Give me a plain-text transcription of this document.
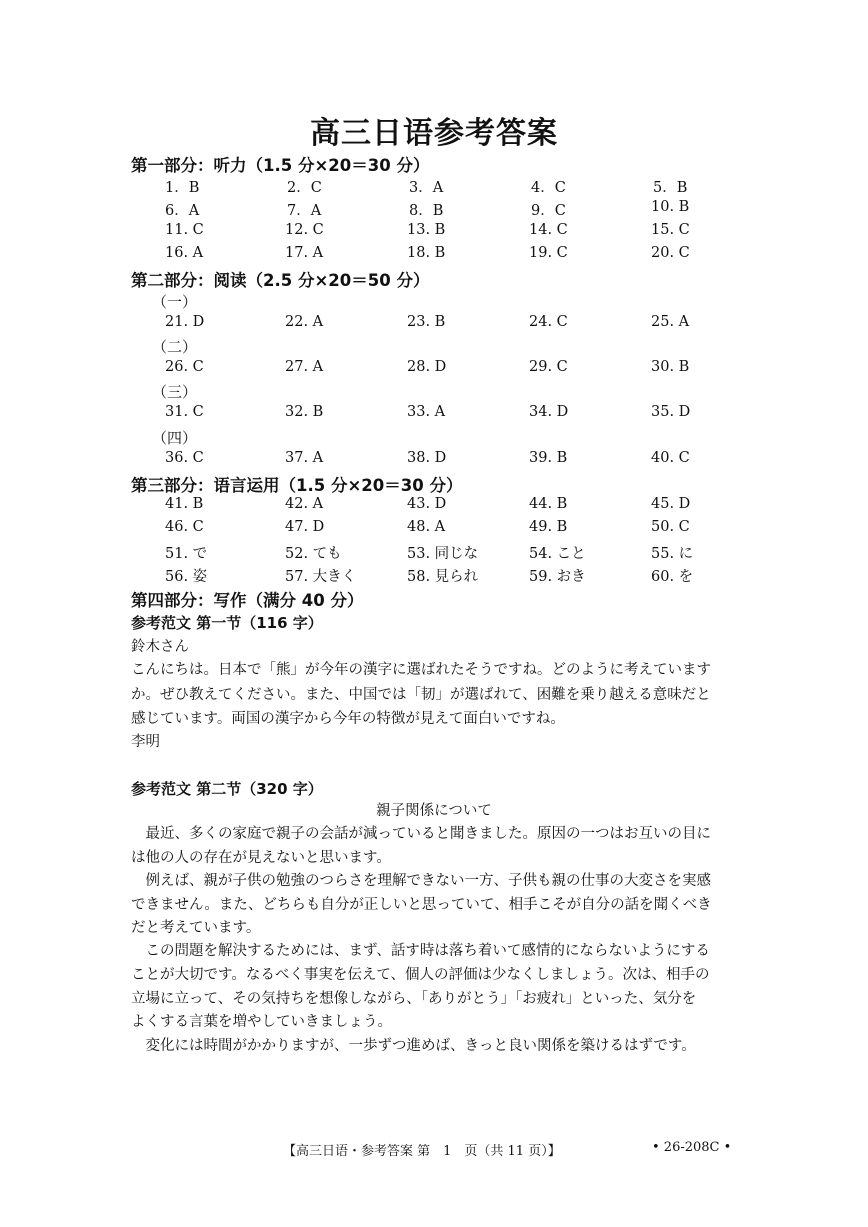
高三日语参考答案
第一部分：听力（1.5 分×20＝30 分）
1．B	2．C	3．A	4．C	5．B
6．A	7．A	8．B	9．C	10. B
11. C	12. C	13. B	14. C	15. C
16. A	17. A	18. B	19. C	20. C
第二部分：阅读（2.5 分×20＝50 分）
（一）
21. D	22. A	23. B	24. C	25. A
（二）
26. C	27. A	28. D	29. C	30. B
（三）
31. C	32. B	33. A	34. D	35. D
（四）
36. C	37. A	38. D	39. B	40. C
第三部分：语言运用（1.5 分×20＝30 分）
41. B	42. A	43. D	44. B	45. D
46. C	47. D	48. A	49. B	50. C
51. で	52. ても	53. 同じな	54. こと	55. に
56. 姿	57. 大きく	58. 見られ	59. おき	60. を
第四部分：写作（满分 40 分）
参考范文 第一节（116 字）
鈴木さん
こんにちは。日本で「熊」が今年の漢字に選ばれたそうですね。どのように考えています
か。ぜひ教えてください。また、中国では「韧」が選ばれて、困難を乗り越える意味だと
感じています。両国の漢字から今年の特徴が見えて面白いですね。
李明
参考范文 第二节（320 字）
親子関係について
　最近、多くの家庭で親子の会話が減っていると聞きました。原因の一つはお互いの目に
は他の人の存在が見えないと思います。
　例えば、親が子供の勉強のつらさを理解できない一方、子供も親の仕事の大変さを実感
できません。また、どちらも自分が正しいと思っていて、相手こそが自分の話を聞くべき
だと考えています。
　この問題を解決するためには、まず、話す時は落ち着いて感情的にならないようにする
ことが大切です。なるべく事実を伝えて、個人の評価は少なくしましょう。次は、相手の
立場に立って、その気持ちを想像しながら、「ありがとう」「お疲れ」といった、気分を
よくする言葉を増やしていきましょう。
　変化には時間がかかりますが、一歩ずつ進めば、きっと良い関係を築けるはずです。
【高三日语・参考答案 第　1　页（共 11 页）】	• 26-208C •
